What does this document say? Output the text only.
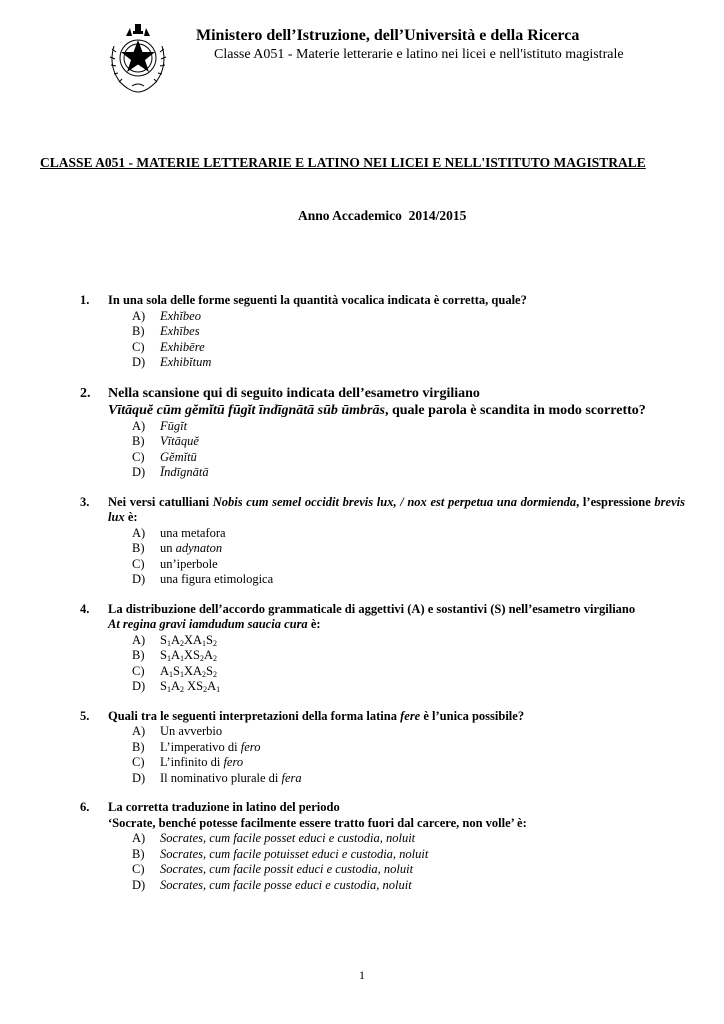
Ministero dell’Istruzione, dell’Università e della Ricerca
Classe A051 - Materie letterarie e latino nei licei e nell'istituto magistrale
CLASSE A051 - MATERIE LETTERARIE E LATINO NEI LICEI E NELL'ISTITUTO MAGISTRALE
Anno Accademico  2014/2015
1. In una sola delle forme seguenti la quantità vocalica indicata è corretta, quale?
A)	Exhĭbeo
B)	Exhībes
C)	Exhibēre
D)	Exhibĭtum
2. Nella scansione qui di seguito indicata dell’esametro virgiliano
Vītāquĕ cūm gĕmĭtū fūgĭt īndīgnātā sūb ūmbrās, quale parola è scandita in modo scorretto?
A)	Fūgĭt
B)	Vītāquĕ
C)	Gĕmĭtū
D)	Īndīgnātā
3. Nei versi catulliani Nobis cum semel occidit brevis lux, / nox est perpetua una dormienda, l’espressione brevis lux è:
A)	una metafora
B)	un adynaton
C)	un’iperbole
D)	una figura etimologica
4. La distribuzione dell’accordo grammaticale di aggettivi (A) e sostantivi (S) nell’esametro virgiliano
At regina gravi iamdudum saucia cura è:
A)	$S_1A_2XA_1S_2$
B)	$S_1A_1XS_2A_2$
C)	$A_1S_1XA_2S_2$
D)	$S_1A_2$ $XS_2A_1$
5. Quali tra le seguenti interpretazioni della forma latina fere è l’unica possibile?
A)	Un avverbio
B)	L’imperativo di fero
C)	L’infinito di fero
D)	Il nominativo plurale di fera
6. La corretta traduzione in latino del periodo
‘Socrate, benché potesse facilmente essere tratto fuori dal carcere, non volle’ è:
A)	Socrates, cum facile posset educi e custodia, noluit
B)	Socrates, cum facile potuisset educi e custodia, noluit
C)	Socrates, cum facile possit educi e custodia, noluit
D)	Socrates, cum facile posse educi e custodia, noluit
1
